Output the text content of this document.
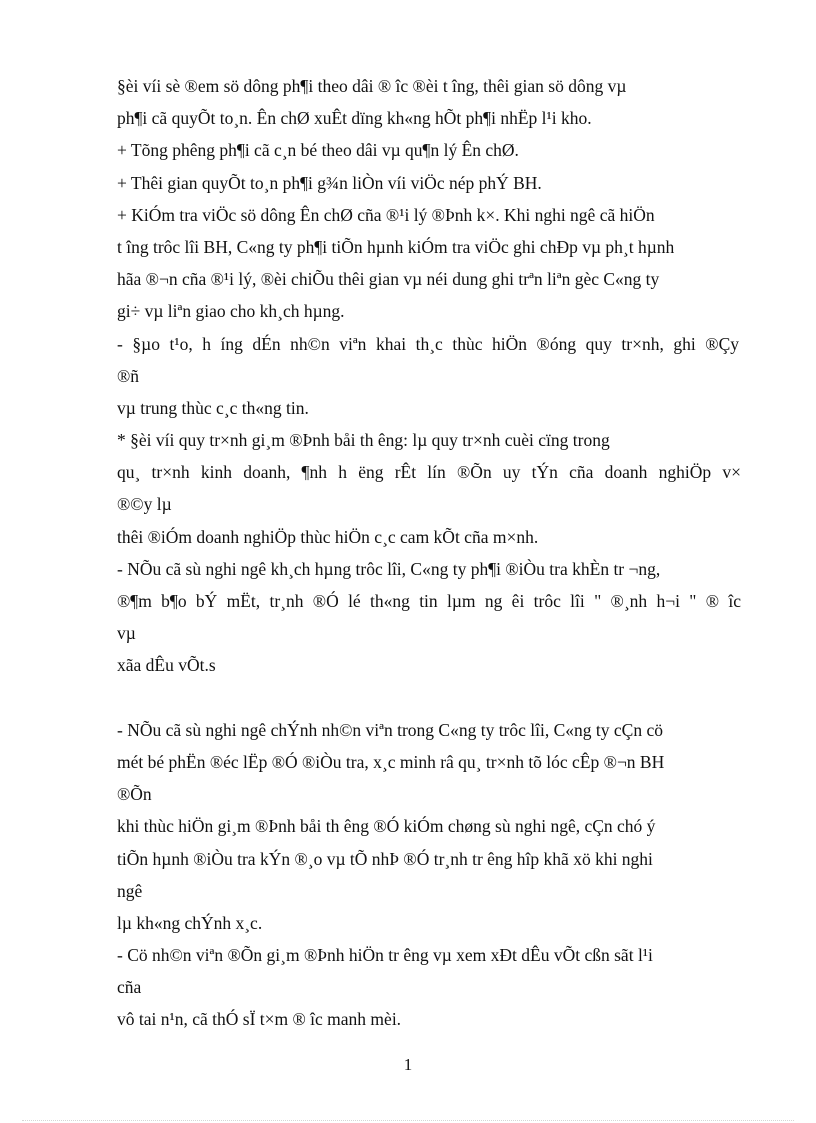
§èi víi sè ®em sö dông ph¶i theo dâi ® îc ®èi t îng, thêi gian sö dông vµ
ph¶i cã quyÕt to¸n. Ên chØ xuÊt dïng kh«ng hÕt ph¶i nhËp l¹i kho.
+ Tõng phêng ph¶i cã c¸n bé theo dâi vµ qu¶n lý Ên chØ.
+ Thêi gian quyÕt to¸n ph¶i g¾n liÒn víi viÖc nép phÝ BH.
+ KiÓm tra viÖc sö dông Ên chØ cña ®¹i lý ®Þnh k×. Khi nghi ngê cã hiÖn
t îng trôc lîi BH, C«ng ty ph¶i tiÕn hµnh kiÓm tra viÖc ghi chÐp vµ ph¸t hµnh
hãa ®¬n cña ®¹i lý, ®èi chiÕu thêi gian vµ néi dung ghi trªn liªn gèc C«ng ty
gi÷ vµ liªn giao cho kh¸ch hµng.
- §µo t¹o, h íng dÉn nh©n viªn khai th¸c thùc hiÖn ®óng quy tr×nh, ghi ®Çy
®ñ
vµ trung thùc c¸c th«ng tin.
* §èi víi quy tr×nh gi¸m ®Þnh båi th êng: lµ quy tr×nh cuèi cïng trong
qu¸ tr×nh kinh doanh, ¶nh h ëng rÊt lín ®Õn uy tÝn cña doanh nghiÖp v×
®©y lµ
thêi ®iÓm doanh nghiÖp thùc hiÖn c¸c cam kÕt cña m×nh.
- NÕu cã sù nghi ngê kh¸ch hµng trôc lîi, C«ng ty ph¶i ®iÒu tra khÈn tr ¬ng,
®¶m b¶o bÝ mËt, tr¸nh ®Ó lé th«ng tin lµm ng êi trôc lîi " ®¸nh h¬i " ® îc
vµ
xãa dÊu vÕt.s
- NÕu cã sù nghi ngê chÝnh nh©n viªn trong C«ng ty trôc lîi, C«ng ty cÇn cö
mét bé phËn ®éc lËp ®Ó ®iÒu tra, x¸c minh râ qu¸ tr×nh tõ lóc cÊp ®¬n BH
®Õn
khi thùc hiÖn gi¸m ®Þnh båi th êng ®Ó kiÓm chøng sù nghi ngê, cÇn chó ý
tiÕn hµnh ®iÒu tra kÝn ®¸o vµ tÕ nhÞ ®Ó tr¸nh tr êng hîp khã xö khi nghi
ngê
lµ kh«ng chÝnh x¸c.
- Cö nh©n viªn ®Õn gi¸m ®Þnh hiÖn tr êng vµ xem xÐt dÊu vÕt cßn sãt l¹i
cña
vô tai n¹n, cã thÓ sÏ t×m ® îc manh mèi.
1
